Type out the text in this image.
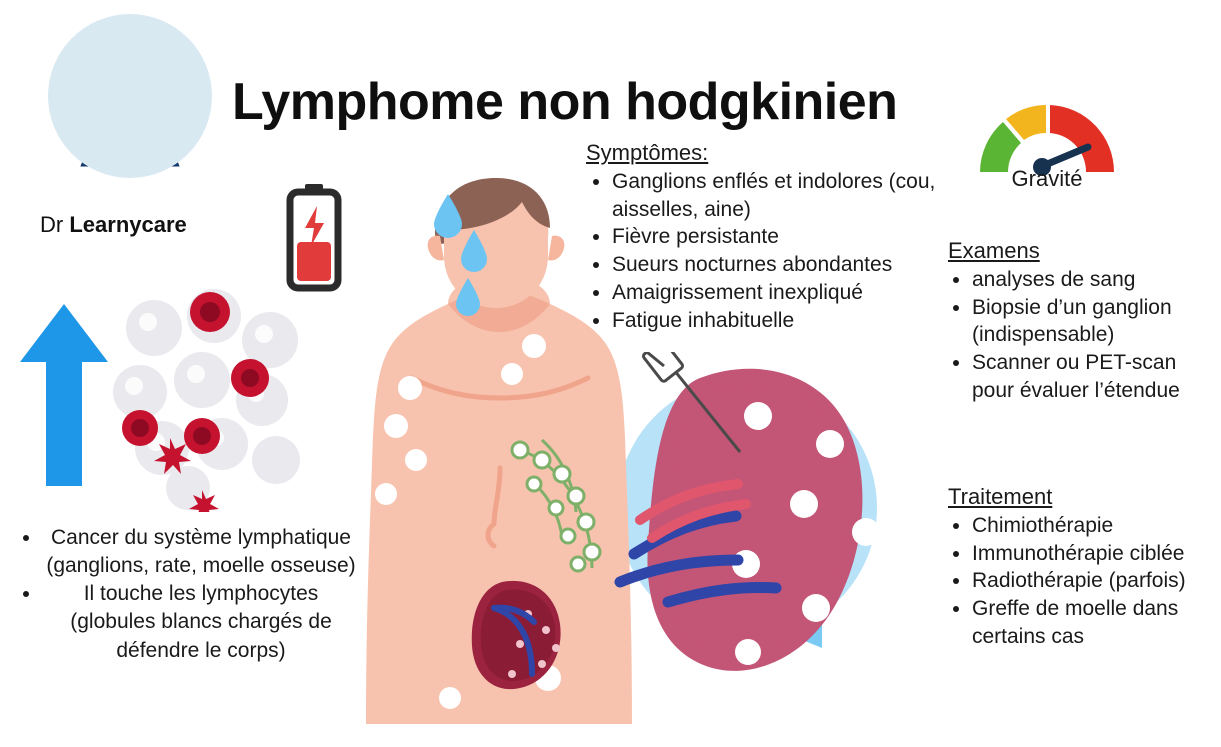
Dr Learnycare
Lymphome non hodgkinien
Gravité
Symptômes:
• Ganglions enflés et indolores (cou, aisselles, aine)
• Fièvre persistante
• Sueurs nocturnes abondantes
• Amaigrissement inexpliqué
• Fatigue inhabituelle
Examens
• analyses de sang
• Biopsie d’un ganglion (indispensable)
• Scanner ou PET-scan pour évaluer l’étendue
Traitement
• Chimiothérapie
• Immunothérapie ciblée
• Radiothérapie (parfois)
• Greffe de moelle dans certains cas
• Cancer du système lymphatique (ganglions, rate, moelle osseuse)
• Il touche les lymphocytes (globules blancs chargés de défendre le corps)
